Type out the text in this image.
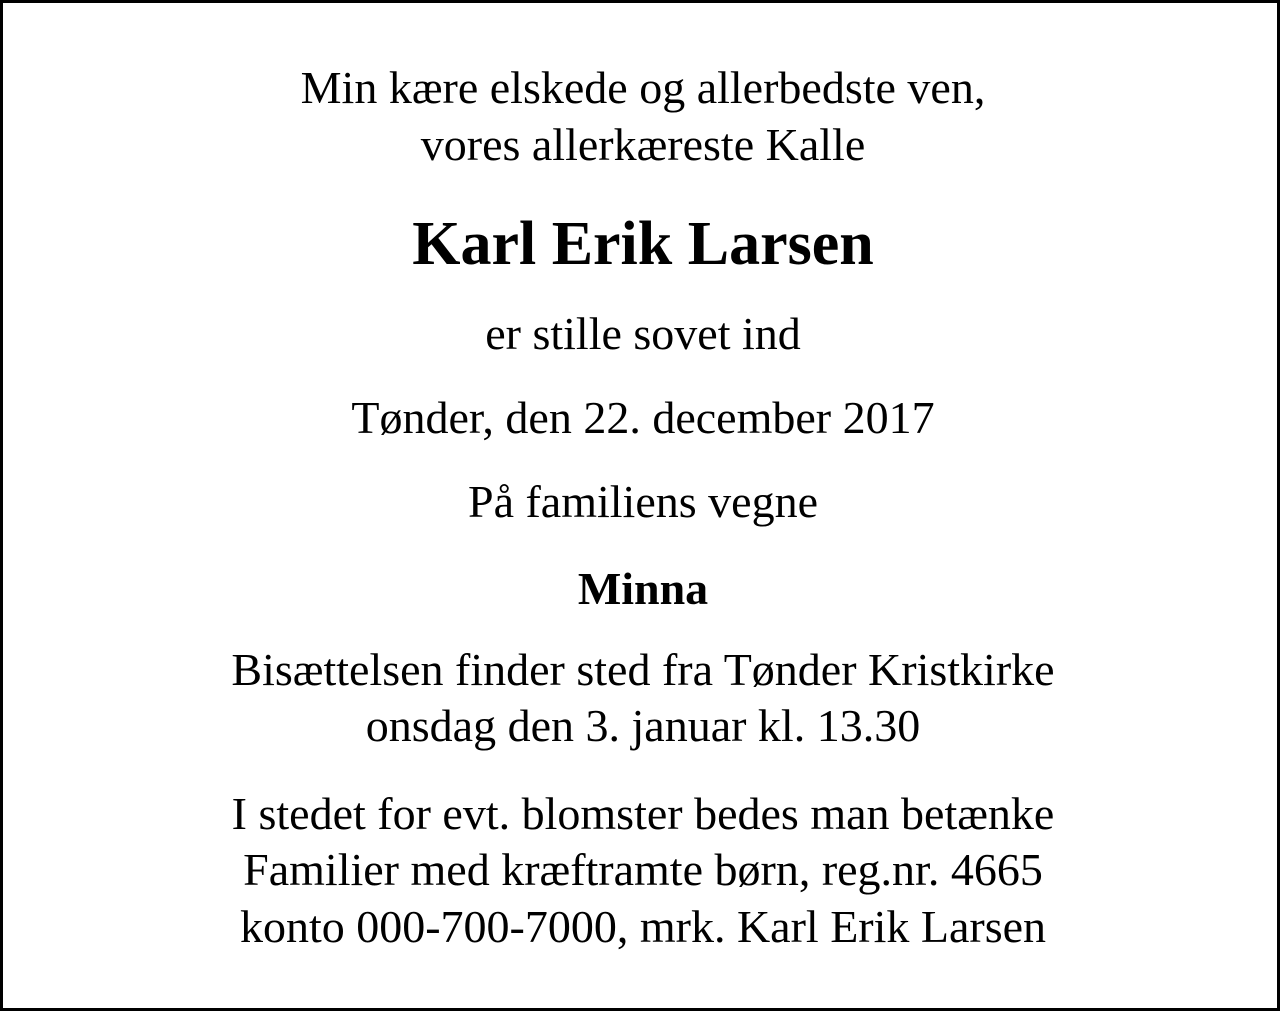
Min kære elskede og allerbedste ven,
vores allerkæreste Kalle
Karl Erik Larsen
er stille sovet ind
Tønder, den 22. december 2017
På familiens vegne
Minna
Bisættelsen finder sted fra Tønder Kristkirke
onsdag den 3. januar kl. 13.30
I stedet for evt. blomster bedes man betænke
Familier med kræftramte børn, reg.nr. 4665
konto 000-700-7000, mrk. Karl Erik Larsen
